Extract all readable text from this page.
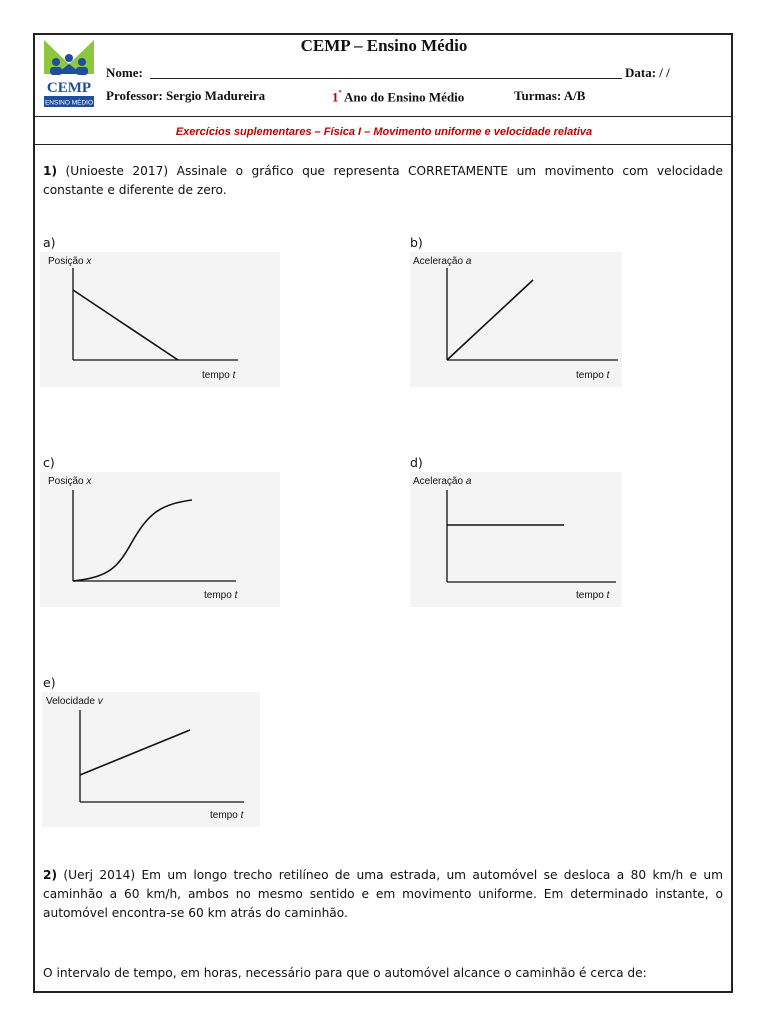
CEMP
ENSINO MÉDIO
CEMP – Ensino Médio
Nome:	Data: / /
Professor: Sergio Madureira	$1^º$ Ano do Ensino Médio	Turmas: A/B
Exercícios suplementares – Física I – Movimento uniforme e velocidade relativa
1) (Unioeste 2017) Assinale o gráfico que representa CORRETAMENTE um movimento com velocidade constante e diferente de zero.
a)
Posição x
tempo t
b)
Aceleração a
tempo t
c)
Posição x
tempo t
d)
Aceleração a
tempo t
e)
Velocidade v
tempo t
2) (Uerj 2014) Em um longo trecho retilíneo de uma estrada, um automóvel se desloca a 80 km/h e um caminhão a 60 km/h, ambos no mesmo sentido e em movimento uniforme. Em determinado instante, o automóvel encontra-se 60 km atrás do caminhão.
O intervalo de tempo, em horas, necessário para que o automóvel alcance o caminhão é cerca de:
